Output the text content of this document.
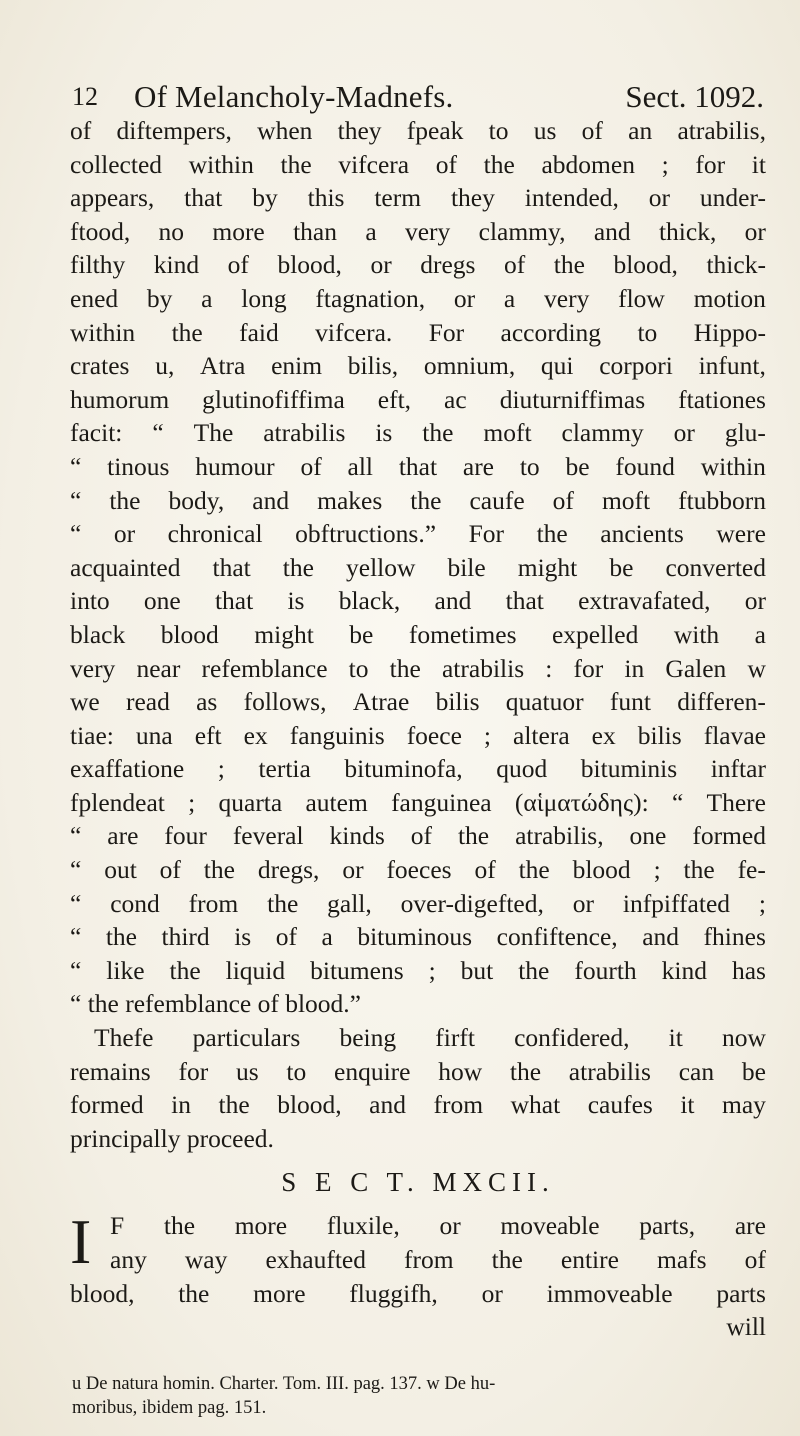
12 Of Melancholy-Madnefs.	Sect. 1092.
of diftempers, when they fpeak to us of an atrabilis,
collected within the vifcera of the abdomen ; for it
appears, that by this term they intended, or under-
ftood, no more than a very clammy, and thick, or
filthy kind of blood, or dregs of the blood, thick-
ened by a long ftagnation, or a very flow motion
within the faid vifcera. For according to Hippo-
crates u, Atra enim bilis, omnium, qui corpori infunt,
humorum glutinofiffima eft, ac diuturniffimas ftationes
facit: “ The atrabilis is the moft clammy or glu-
“ tinous humour of all that are to be found within
“ the body, and makes the caufe of moft ftubborn
“ or chronical obftructions.” For the ancients were
acquainted that the yellow bile might be converted
into one that is black, and that extravafated, or
black blood might be fometimes expelled with a
very near refemblance to the atrabilis : for in Galen w
we read as follows, Atrae bilis quatuor funt differen-
tiae: una eft ex fanguinis foece ; altera ex bilis flavae
exaffatione ; tertia bituminofa, quod bituminis inftar
fplendeat ; quarta autem fanguinea (αἱματώδης): “ There
“ are four feveral kinds of the atrabilis, one formed
“ out of the dregs, or foeces of the blood ; the fe-
“ cond from the gall, over-digefted, or infpiffated ;
“ the third is of a bituminous confiftence, and fhines
“ like the liquid bitumens ; but the fourth kind has
“ the refemblance of blood.”
Thefe particulars being firft confidered, it now
remains for us to enquire how the atrabilis can be
formed in the blood, and from what caufes it may
principally proceed.
S E C T. MXCII.
I F the more fluxile, or moveable parts, are
any way exhaufted from the entire mafs of
blood, the more fluggifh, or immoveable parts
will
u De natura homin. Charter. Tom. III. pag. 137. w De hu-
moribus, ibidem pag. 151.
